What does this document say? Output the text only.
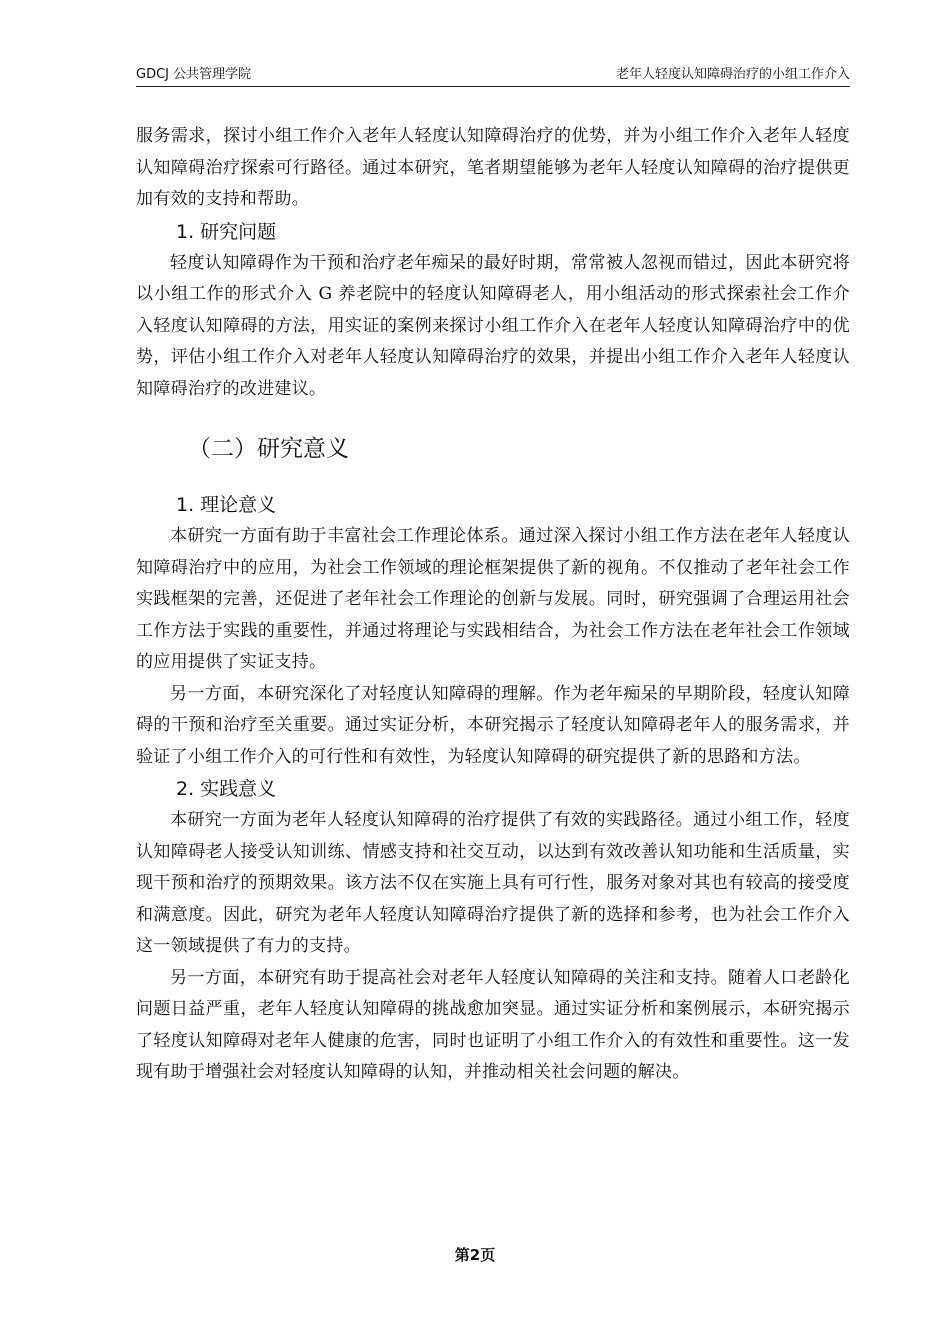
GDCJ 公共管理学院	老年人轻度认知障碍治疗的小组工作介入

服务需求，探讨小组工作介入老年人轻度认知障碍治疗的优势，并为小组工作介入老年人轻度认知障碍治疗探索可行路径。通过本研究，笔者期望能够为老年人轻度认知障碍的治疗提供更加有效的支持和帮助。

1. 研究问题

轻度认知障碍作为干预和治疗老年痴呆的最好时期，常常被人忽视而错过，因此本研究将以小组工作的形式介入 G 养老院中的轻度认知障碍老人，用小组活动的形式探索社会工作介入轻度认知障碍的方法，用实证的案例来探讨小组工作介入在老年人轻度认知障碍治疗中的优势，评估小组工作介入对老年人轻度认知障碍治疗的效果，并提出小组工作介入老年人轻度认知障碍治疗的改进建议。

（二）研究意义
1. 理论意义

本研究一方面有助于丰富社会工作理论体系。通过深入探讨小组工作方法在老年人轻度认知障碍治疗中的应用，为社会工作领域的理论框架提供了新的视角。不仅推动了老年社会工作实践框架的完善，还促进了老年社会工作理论的创新与发展。同时，研究强调了合理运用社会工作方法于实践的重要性，并通过将理论与实践相结合，为社会工作方法在老年社会工作领域的应用提供了实证支持。

另一方面，本研究深化了对轻度认知障碍的理解。作为老年痴呆的早期阶段，轻度认知障碍的干预和治疗至关重要。通过实证分析，本研究揭示了轻度认知障碍老年人的服务需求，并验证了小组工作介入的可行性和有效性，为轻度认知障碍的研究提供了新的思路和方法。

2. 实践意义

本研究一方面为老年人轻度认知障碍的治疗提供了有效的实践路径。通过小组工作，轻度认知障碍老人接受认知训练、情感支持和社交互动，以达到有效改善认知功能和生活质量，实现干预和治疗的预期效果。该方法不仅在实施上具有可行性，服务对象对其也有较高的接受度和满意度。因此，研究为老年人轻度认知障碍治疗提供了新的选择和参考，也为社会工作介入这一领域提供了有力的支持。

另一方面，本研究有助于提高社会对老年人轻度认知障碍的关注和支持。随着人口老龄化问题日益严重，老年人轻度认知障碍的挑战愈加突显。通过实证分析和案例展示，本研究揭示了轻度认知障碍对老年人健康的危害，同时也证明了小组工作介入的有效性和重要性。这一发现有助于增强社会对轻度认知障碍的认知，并推动相关社会问题的解决。

第2页
